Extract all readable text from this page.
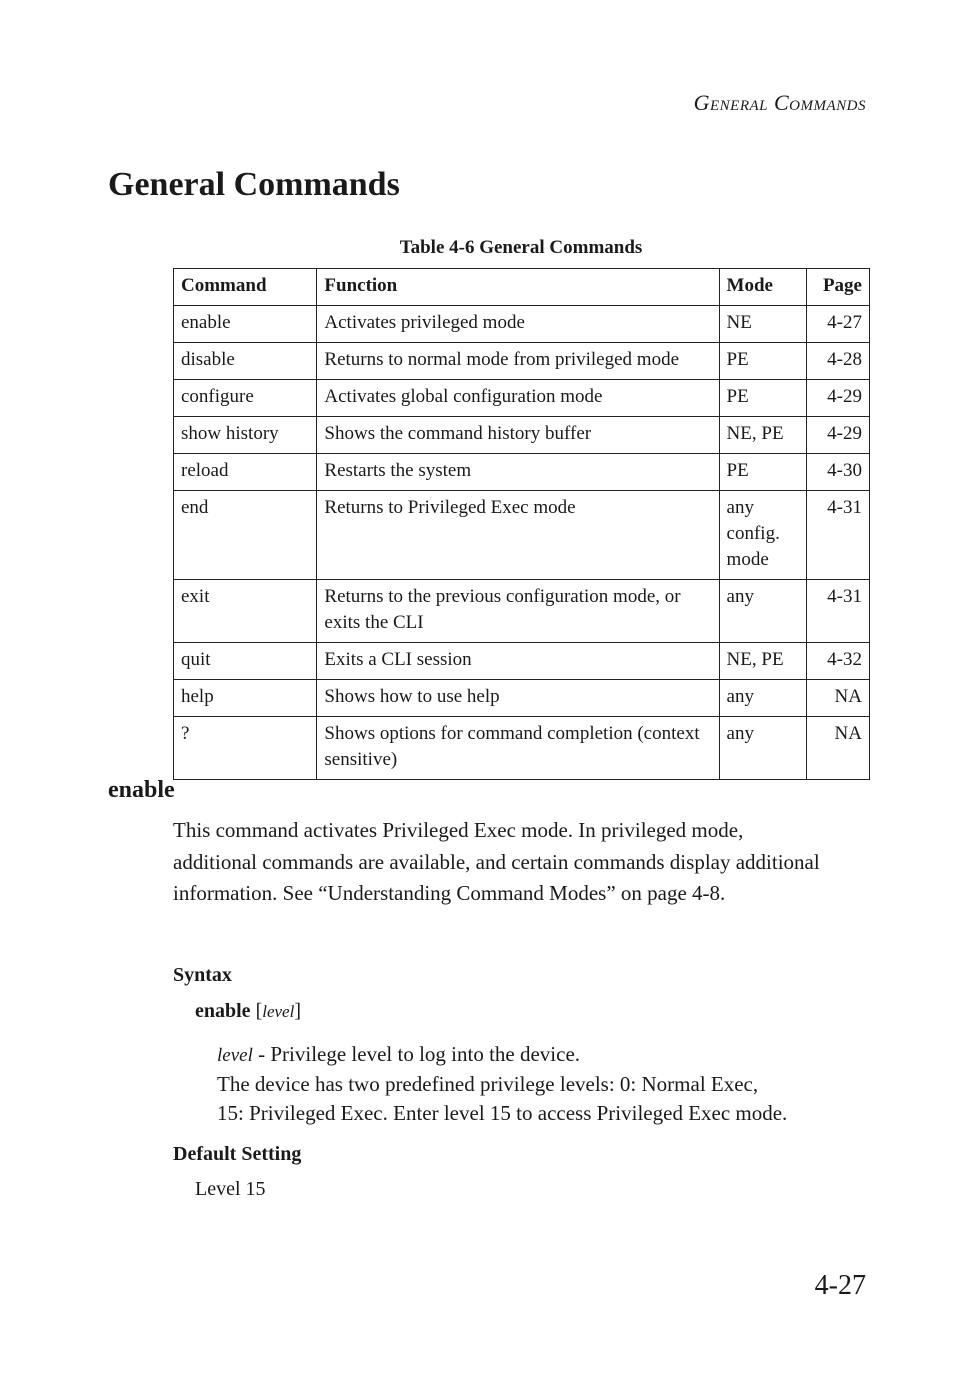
GENERAL COMMANDS
General Commands
Table 4-6 General Commands
Command	Function	Mode	Page
enable	Activates privileged mode	NE	4-27
disable	Returns to normal mode from privileged mode	PE	4-28
configure	Activates global configuration mode	PE	4-29
show history	Shows the command history buffer	NE, PE	4-29
reload	Restarts the system	PE	4-30
end	Returns to Privileged Exec mode	any config. mode	4-31
exit	Returns to the previous configuration mode, or exits the CLI	any	4-31
quit	Exits a CLI session	NE, PE	4-32
help	Shows how to use help	any	NA
?	Shows options for command completion (context sensitive)	any	NA
enable

This command activates Privileged Exec mode. In privileged mode, additional commands are available, and certain commands display additional information. See “Understanding Command Modes” on page 4-8.

Syntax
enable [level]
level - Privilege level to log into the device.
The device has two predefined privilege levels: 0: Normal Exec,
15: Privileged Exec. Enter level 15 to access Privileged Exec mode.
Default Setting
Level 15
4-27
